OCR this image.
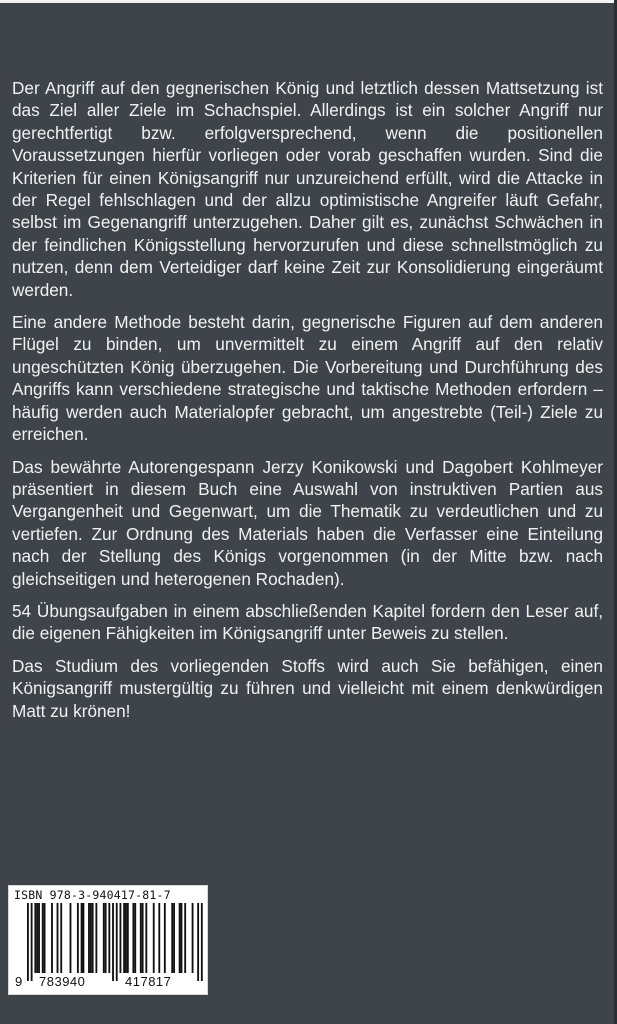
Der Angriff auf den gegnerischen König und letztlich dessen Mattsetzung ist das Ziel aller Ziele im Schachspiel. Allerdings ist ein solcher Angriff nur gerechtfertigt bzw. erfolgversprechend, wenn die positionellen Voraussetzungen hierfür vorliegen oder vorab geschaffen wurden. Sind die Kriterien für einen Königsangriff nur unzureichend erfüllt, wird die Attacke in der Regel fehlschlagen und der allzu optimistische Angreifer läuft Gefahr, selbst im Gegenangriff unterzugehen. Daher gilt es, zunächst Schwächen in der feindlichen Königsstellung hervorzurufen und diese schnellstmöglich zu nutzen, denn dem Verteidiger darf keine Zeit zur Konsolidierung eingeräumt werden.

Eine andere Methode besteht darin, gegnerische Figuren auf dem anderen Flügel zu binden, um unvermittelt zu einem Angriff auf den relativ ungeschützten König überzugehen. Die Vorbereitung und Durchführung des Angriffs kann verschiedene strategische und taktische Methoden erfordern – häufig werden auch Materialopfer gebracht, um angestrebte (Teil-) Ziele zu erreichen.

Das bewährte Autorengespann Jerzy Konikowski und Dagobert Kohlmeyer präsentiert in diesem Buch eine Auswahl von instruktiven Partien aus Vergangenheit und Gegenwart, um die Thematik zu verdeutlichen und zu vertiefen. Zur Ordnung des Materials haben die Verfasser eine Einteilung nach der Stellung des Königs vorgenommen (in der Mitte bzw. nach gleichseitigen und heterogenen Rochaden).

54 Übungsaufgaben in einem abschließenden Kapitel fordern den Leser auf, die eigenen Fähigkeiten im Königsangriff unter Beweis zu stellen.

Das Studium des vorliegenden Stoffs wird auch Sie befähigen, einen Königsangriff mustergültig zu führen und vielleicht mit einem denkwürdigen Matt zu krönen!

ISBN 978-3-940417-81-7
9 783940	417817
